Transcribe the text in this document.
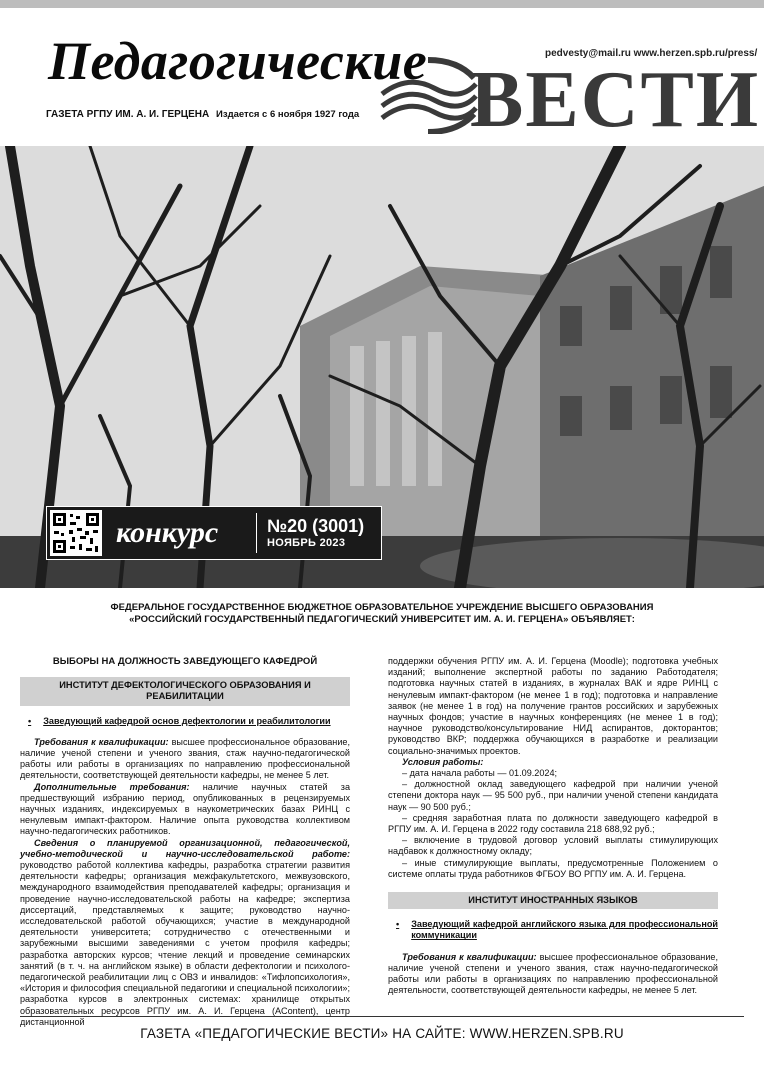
Педагогические ВЕСТИ
pedvesty@mail.ru www.herzen.spb.ru/press/
ГАЗЕТА РГПУ ИМ. А. И. ГЕРЦЕНА Издается с 6 ноября 1927 года
конкурс	№20 (3001)
НОЯБРЬ 2023
ФЕДЕРАЛЬНОЕ ГОСУДАРСТВЕННОЕ БЮДЖЕТНОЕ ОБРАЗОВАТЕЛЬНОЕ УЧРЕЖДЕНИЕ ВЫСШЕГО ОБРАЗОВАНИЯ
«РОССИЙСКИЙ ГОСУДАРСТВЕННЫЙ ПЕДАГОГИЧЕСКИЙ УНИВЕРСИТЕТ ИМ. А. И. ГЕРЦЕНА» ОБЪЯВЛЯЕТ:
ВЫБОРЫ НА ДОЛЖНОСТЬ ЗАВЕДУЮЩЕГО КАФЕДРОЙ
ИНСТИТУТ ДЕФЕКТОЛОГИЧЕСКОГО ОБРАЗОВАНИЯ И РЕАБИЛИТАЦИИ
• Заведующий кафедрой основ дефектологии и реабилитологии

Требования к квалификации: высшее профессиональное образование, наличие ученой степени и ученого звания, стаж научно-педагогической работы или работы в организациях по направлению профессиональной деятельности, соответствующей деятельности кафедры, не менее 5 лет.

Дополнительные требования: наличие научных статей за предшествующий избранию период, опубликованных в рецензируемых научных изданиях, индексируемых в наукометрических базах РИНЦ с ненулевым импакт-фактором. Наличие опыта руководства коллективом научно-педагогических работников.

Сведения о планируемой организационной, педагогической, учебно-методической и научно-исследовательской работе: руководство работой коллектива кафедры, разработка стратегии развития деятельности кафедры; организация межфакультетского, межвузовского, международного взаимодействия преподавателей кафедры; организация и проведение научно-исследовательской работы на кафедре; экспертиза диссертаций, представляемых к защите; руководство научно-исследовательской работой обучающихся; участие в международной деятельности университета; сотрудничество с отечественными и зарубежными высшими заведениями с учетом профиля кафедры; разработка авторских курсов; чтение лекций и проведение семинарских занятий (в т. ч. на английском языке) в области дефектологии и психолого-педагогической реабилитации лиц с ОВЗ и инвалидов: «Тифлопсихология», «История и философия специальной педагогики и специальной психологии»; разработка курсов в электронных системах: хранилище открытых образовательных ресурсов РГПУ им. А. И. Герцена (AContent), центр дистанционной

поддержки обучения РГПУ им. А. И. Герцена (Moodle); подготовка учебных изданий; выполнение экспертной работы по заданию Работодателя; подготовка научных статей в изданиях, в журналах ВАК и ядре РИНЦ с ненулевым импакт-фактором (не менее 1 в год); подготовка и направление заявок (не менее 1 в год) на получение грантов российских и зарубежных научных фондов; участие в научных конференциях (не менее 1 в год); научное руководство/консультирование НИД аспирантов, докторантов; руководство ВКР; поддержка обучающихся в разработке и реализации социально-значимых проектов.

Условия работы:

– дата начала работы — 01.09.2024;

– должностной оклад заведующего кафедрой при наличии ученой степени доктора наук — 95 500 руб., при наличии ученой степени кандидата наук — 90 500 руб.;

– средняя заработная плата по должности заведующего кафедрой в РГПУ им. А. И. Герцена в 2022 году составила 218 688,92 руб.;

– включение в трудовой договор условий выплаты стимулирующих надбавок к должностному окладу;

– иные стимулирующие выплаты, предусмотренные Положением о системе оплаты труда работников ФГБОУ ВО РГПУ им. А. И. Герцена.

ИНСТИТУТ ИНОСТРАННЫХ ЯЗЫКОВ
• Заведующий кафедрой английского языка для профессиональной коммуникации

Требования к квалификации: высшее профессиональное образование, наличие ученой степени и ученого звания, стаж научно-педагогической работы или работы в организациях по направлению профессиональной деятельности, соответствующей деятельности кафедры, не менее 5 лет.

ГАЗЕТА «ПЕДАГОГИЧЕСКИЕ ВЕСТИ» НА САЙТЕ: WWW.HERZEN.SPB.RU
